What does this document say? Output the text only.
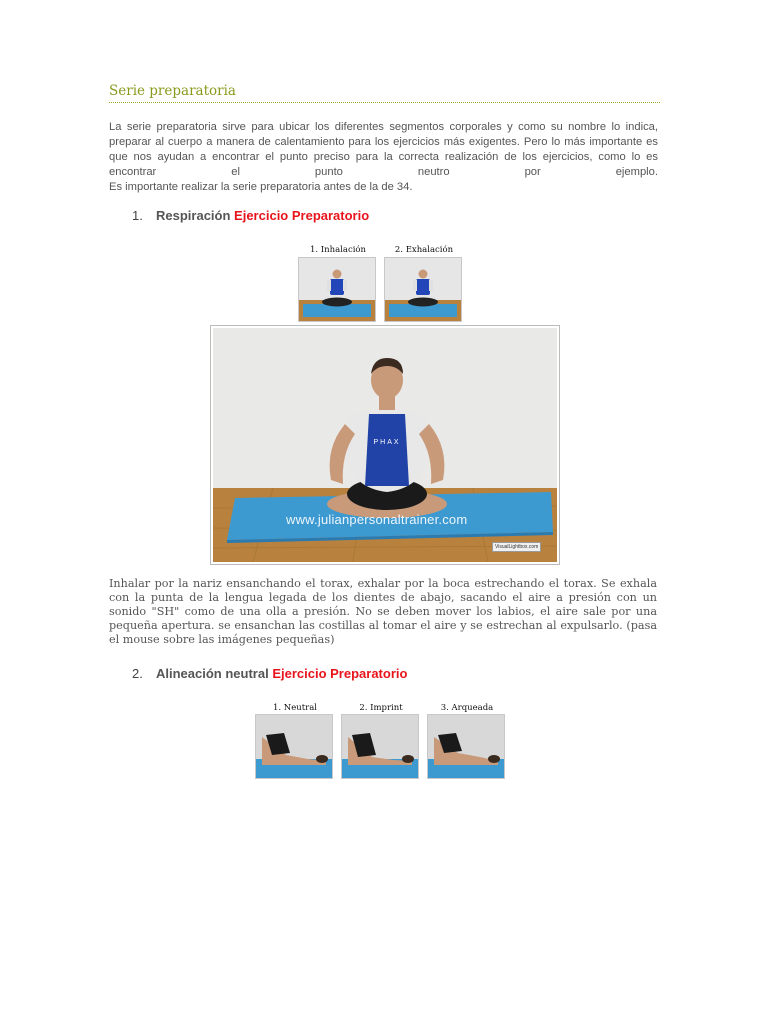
Serie preparatoria

La serie preparatoria sirve para ubicar los diferentes segmentos corporales y como su nombre lo indica, preparar al cuerpo a manera de calentamiento para los ejercicios más exigentes. Pero lo más importante es que nos ayudan a encontrar el punto preciso para la correcta realización de los ejercicios, como lo es encontrar el punto neutro por ejemplo.

Es importante realizar la serie preparatoria antes de la de 34.

1. Respiración Ejercicio Preparatorio
1. Inhalación	2. Exhalación
PHAX
www.julianpersonaltrainer.com
VisualLightbox.com

Inhalar por la nariz ensanchando el torax, exhalar por la boca estrechando el torax. Se exhala con la punta de la lengua legada de los dientes de abajo, sacando el aire a presión con un sonido "SH" como de una olla a presión. No se deben mover los labios, el aire sale por una pequeña apertura. se ensanchan las costillas al tomar el aire y se estrechan al expulsarlo. (pasa el mouse sobre las imágenes pequeñas)

2. Alineación neutral Ejercicio Preparatorio
1. Neutral	2. Imprint	3. Arqueada
